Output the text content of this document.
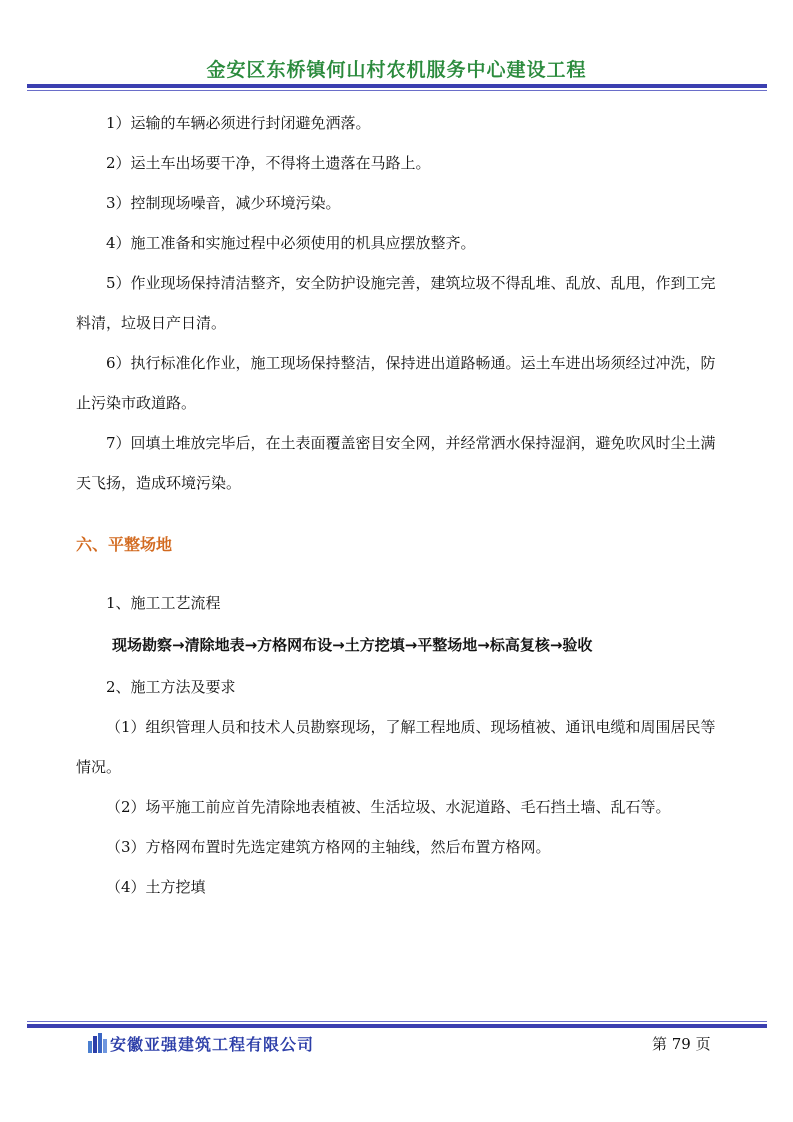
金安区东桥镇何山村农机服务中心建设工程

1）运输的车辆必须进行封闭避免洒落。

2）运土车出场要干净，不得将土遗落在马路上。

3）控制现场噪音，减少环境污染。

4）施工准备和实施过程中必须使用的机具应摆放整齐。

5）作业现场保持清洁整齐，安全防护设施完善，建筑垃圾不得乱堆、乱放、乱甩，作到工完料清，垃圾日产日清。

6）执行标准化作业，施工现场保持整洁，保持进出道路畅通。运土车进出场须经过冲洗，防止污染市政道路。

7）回填土堆放完毕后，在土表面覆盖密目安全网，并经常洒水保持湿润，避免吹风时尘土满天飞扬，造成环境污染。

六、平整场地

1、施工工艺流程

现场勘察→清除地表→方格网布设→土方挖填→平整场地→标高复核→验收

2、施工方法及要求

（1）组织管理人员和技术人员勘察现场，了解工程地质、现场植被、通讯电缆和周围居民等情况。

（2）场平施工前应首先清除地表植被、生活垃圾、水泥道路、毛石挡土墙、乱石等。

（3）方格网布置时先选定建筑方格网的主轴线，然后布置方格网。

（4）土方挖填

安徽亚强建筑工程有限公司	第 79 页
